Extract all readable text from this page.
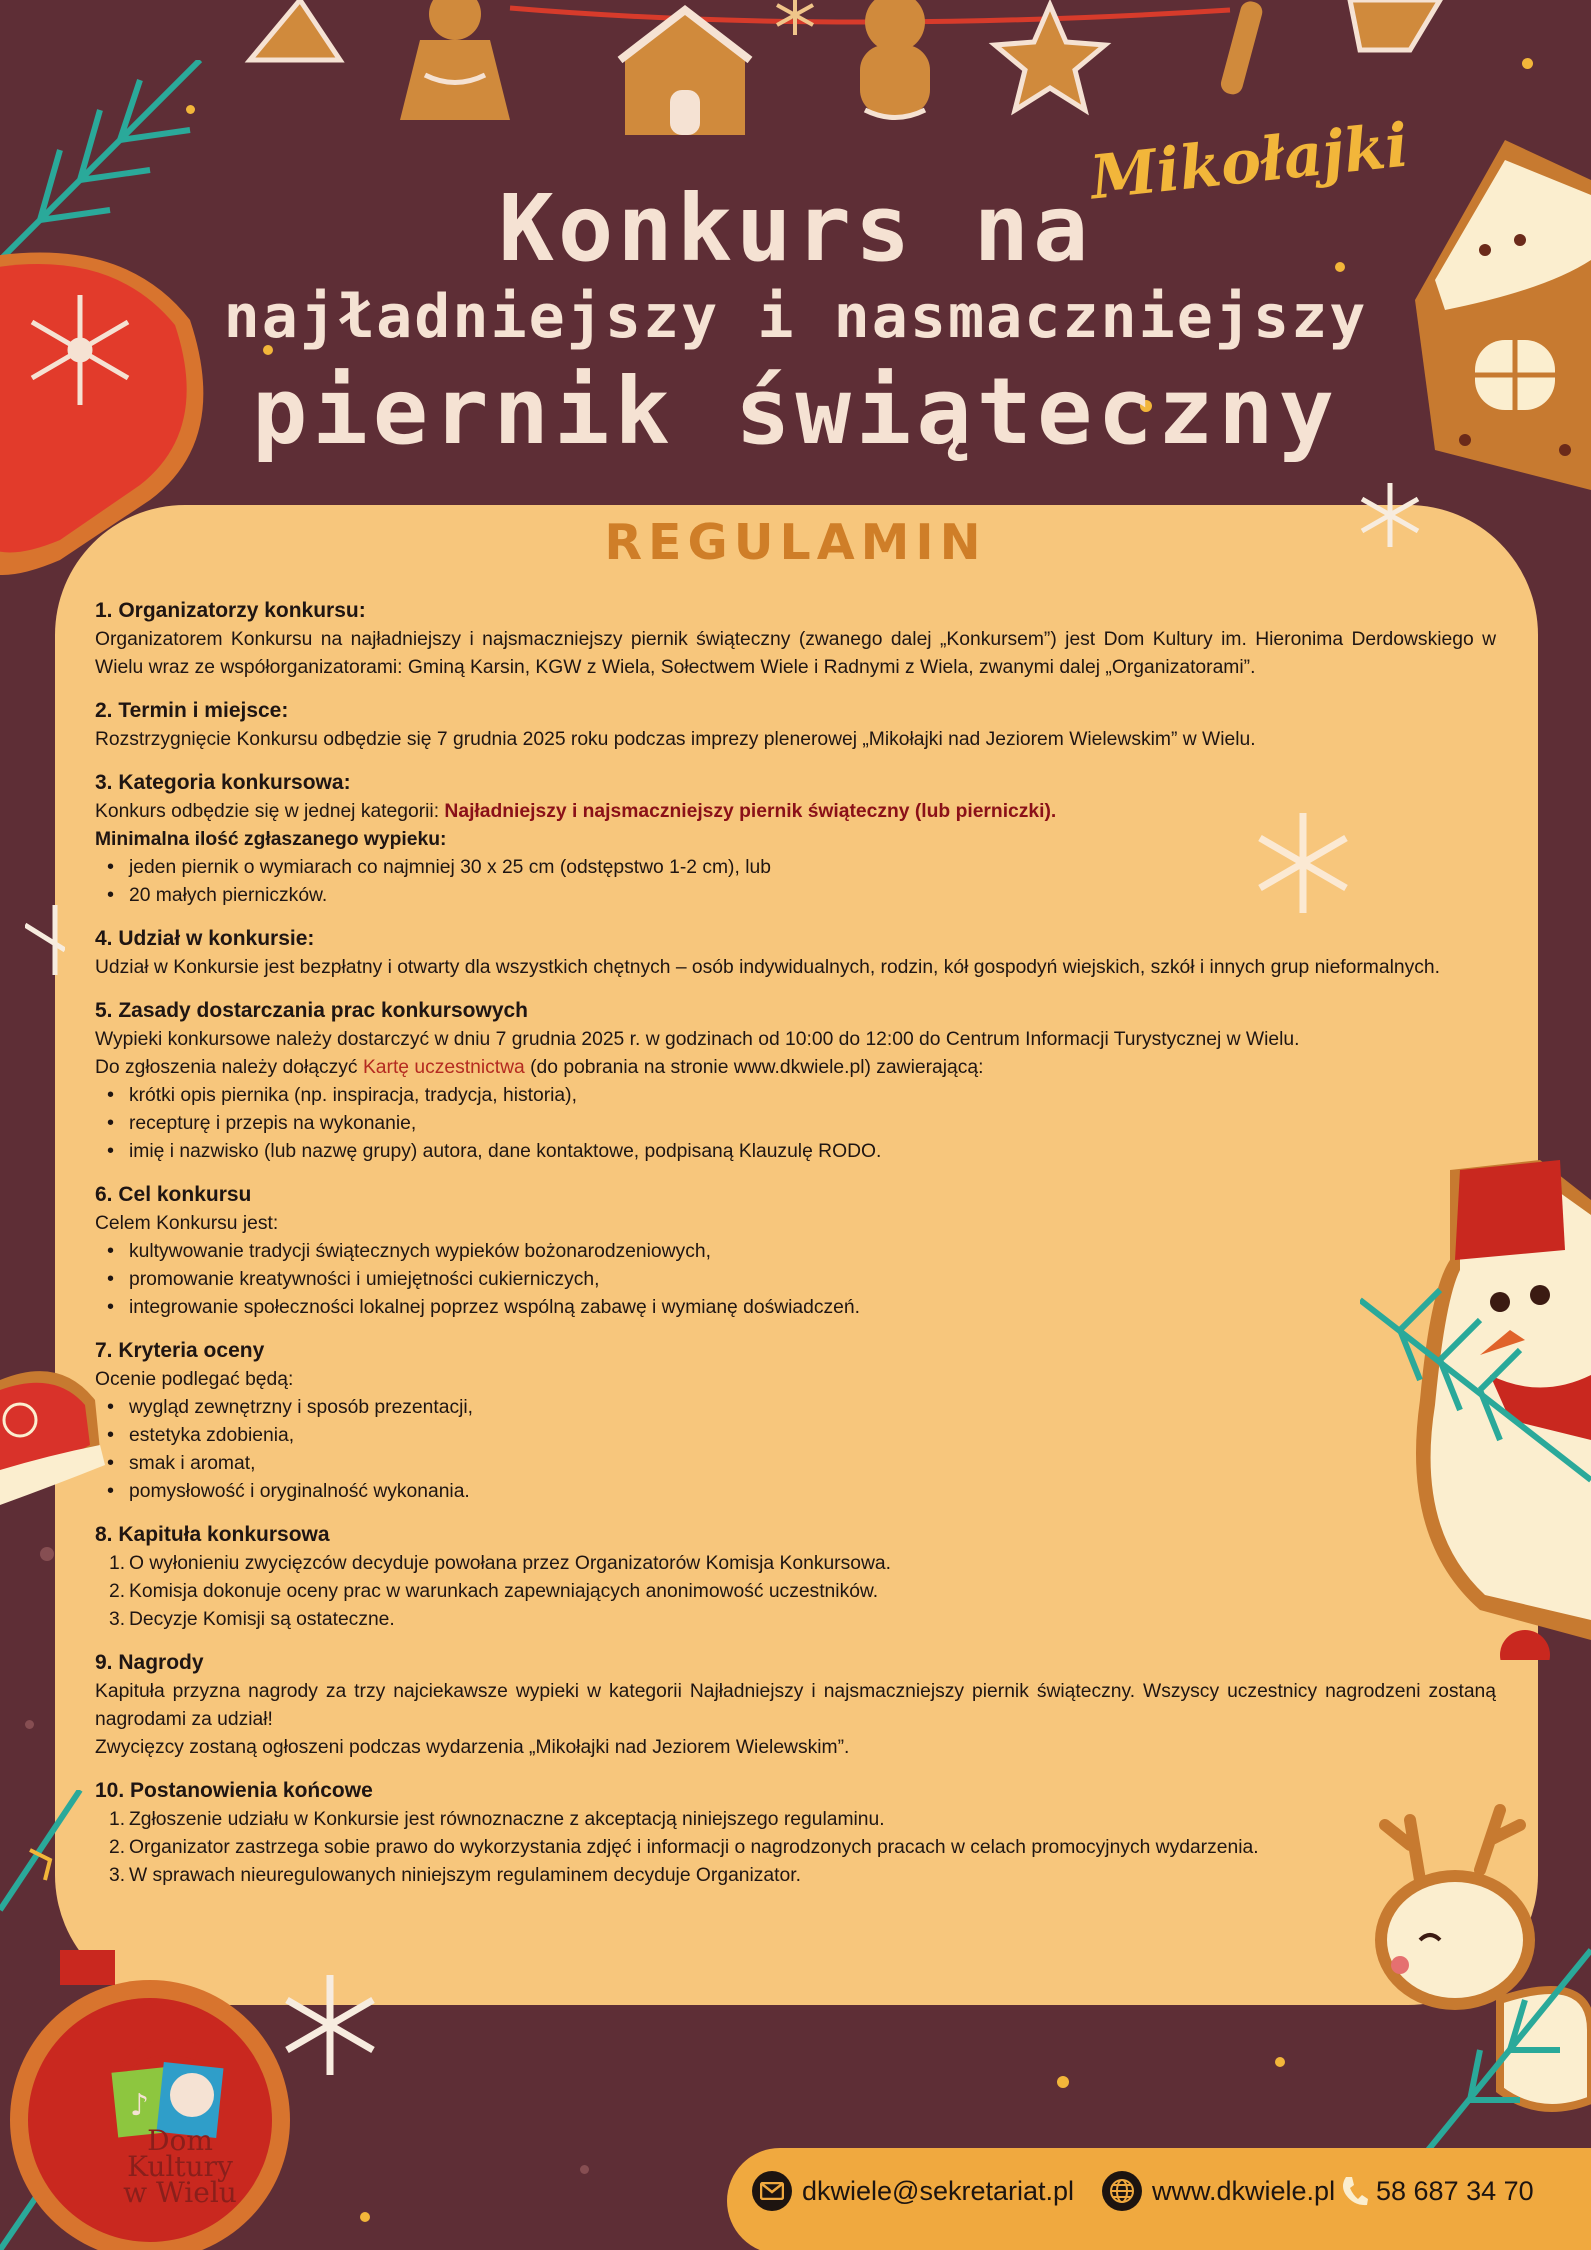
Mikołajki
Konkurs na
najładniejszy i nasmaczniejszy
piernik świąteczny
♪
Dom Kultury
w Wielu
REGULAMIN
1. Organizatorzy konkursu:

Organizatorem Konkursu na najładniejszy i najsmaczniejszy piernik świąteczny (zwanego dalej „Konkursem”) jest Dom Kultury im. Hieronima Derdowskiego w Wielu wraz ze współorganizatorami: Gminą Karsin, KGW z Wiela, Sołectwem Wiele i Radnymi z Wiela, zwanymi dalej „Organizatorami”.

2. Termin i miejsce:

Rozstrzygnięcie Konkursu odbędzie się 7 grudnia 2025 roku podczas imprezy plenerowej „Mikołajki nad Jeziorem Wielewskim” w Wielu.

3. Kategoria konkursowa:

Konkurs odbędzie się w jednej kategorii: Najładniejszy i najsmaczniejszy piernik świąteczny (lub pierniczki).

Minimalna ilość zgłaszanego wypieku:

• jeden piernik o wymiarach co najmniej 30 x 25 cm (odstępstwo 1-2 cm), lub
• 20 małych pierniczków.
4. Udział w konkursie:

Udział w Konkursie jest bezpłatny i otwarty dla wszystkich chętnych – osób indywidualnych, rodzin, kół gospodyń wiejskich, szkół i innych grup nieformalnych.

5. Zasady dostarczania prac konkursowych

Wypieki konkursowe należy dostarczyć w dniu 7 grudnia 2025 r. w godzinach od 10:00 do 12:00 do Centrum Informacji Turystycznej w Wielu.

Do zgłoszenia należy dołączyć Kartę uczestnictwa (do pobrania na stronie www.dkwiele.pl) zawierającą:

• krótki opis piernika (np. inspiracja, tradycja, historia),
• recepturę i przepis na wykonanie,
• imię i nazwisko (lub nazwę grupy) autora, dane kontaktowe, podpisaną Klauzulę RODO.
6. Cel konkursu

Celem Konkursu jest:

• kultywowanie tradycji świątecznych wypieków bożonarodzeniowych,
• promowanie kreatywności i umiejętności cukierniczych,
• integrowanie społeczności lokalnej poprzez wspólną zabawę i wymianę doświadczeń.
7. Kryteria oceny

Ocenie podlegać będą:

• wygląd zewnętrzny i sposób prezentacji,
• estetyka zdobienia,
• smak i aromat,
• pomysłowość i oryginalność wykonania.
8. Kapituła konkursowa
1. O wyłonieniu zwycięzców decyduje powołana przez Organizatorów Komisja Konkursowa.
2. Komisja dokonuje oceny prac w warunkach zapewniających anonimowość uczestników.
3. Decyzje Komisji są ostateczne.
9. Nagrody

Kapituła przyzna nagrody za trzy najciekawsze wypieki w kategorii Najładniejszy i najsmaczniejszy piernik świąteczny. Wszyscy uczestnicy nagrodzeni zostaną nagrodami za udział!

Zwycięzcy zostaną ogłoszeni podczas wydarzenia „Mikołajki nad Jeziorem Wielewskim”.

10. Postanowienia końcowe
1. Zgłoszenie udziału w Konkursie jest równoznaczne z akceptacją niniejszego regulaminu.
2. Organizator zastrzega sobie prawo do wykorzystania zdjęć i informacji o nagrodzonych pracach w celach promocyjnych wydarzenia.
3. W sprawach nieuregulowanych niniejszym regulaminem decyduje Organizator.
dkwiele@sekretariat.pl	www.dkwiele.pl 58 687 34 70
